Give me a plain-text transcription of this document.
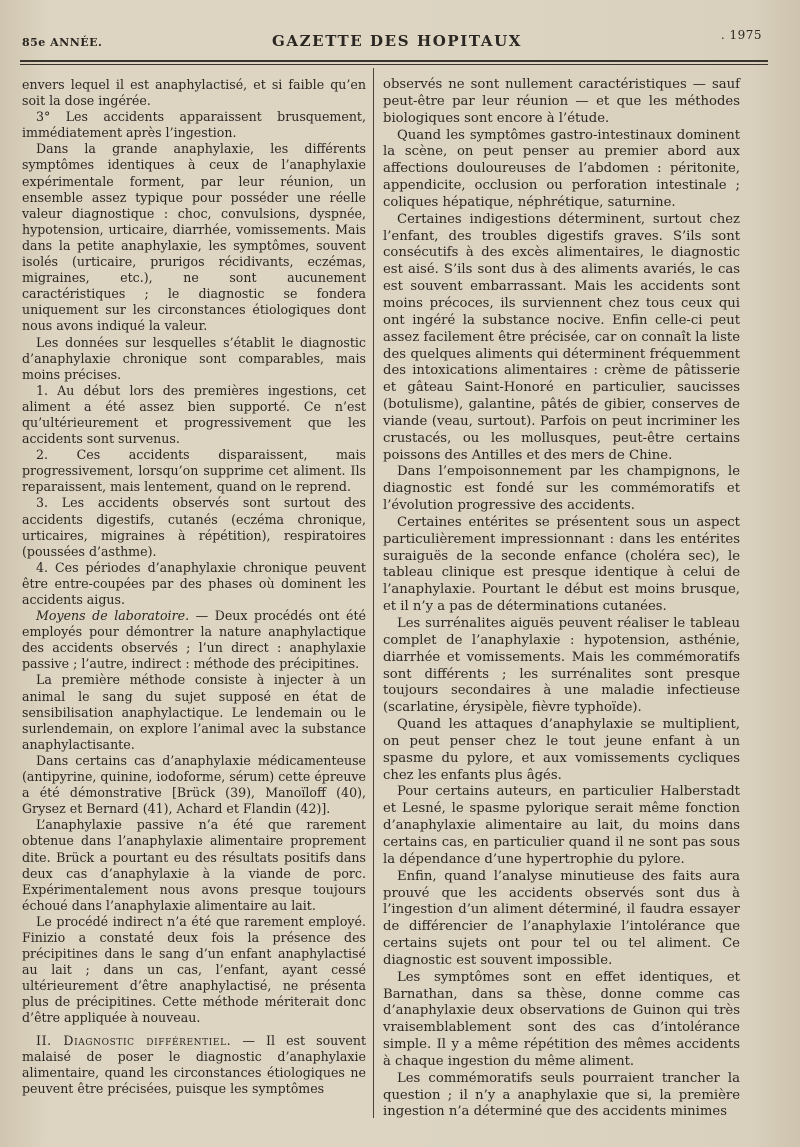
85e ANNÉE.	GAZETTE DES HOPITAUX	. 1975

envers lequel il est anaphylactisé, et si faible qu’en soit la dose ingérée.

3° Les accidents apparaissent brusquement, immédiatement après l’ingestion.

Dans la grande anaphylaxie, les différents symptômes identiques à ceux de l’anaphylaxie expérimentale forment, par leur réunion, un ensemble assez typique pour posséder une réelle valeur diagnostique : choc, convulsions, dyspnée, hypotension, urticaire, diarrhée, vomissements. Mais dans la petite anaphylaxie, les symptômes, souvent isolés (urticaire, prurigos récidivants, eczémas, migraines, etc.), ne sont aucunement caractéristiques ; le diagnostic se fondera uniquement sur les circonstances étiologiques dont nous avons indiqué la valeur.

Les données sur lesquelles s’établit le diagnostic d’anaphylaxie chronique sont comparables, mais moins précises.

1. Au début lors des premières ingestions, cet aliment a été assez bien supporté. Ce n’est qu’ultérieurement et progressivement que les accidents sont survenus.

2. Ces accidents disparaissent, mais progressivement, lorsqu’on supprime cet aliment. Ils reparaissent, mais lentement, quand on le reprend.

3. Les accidents observés sont surtout des accidents digestifs, cutanés (eczéma chronique, urticaires, migraines à répétition), respiratoires (poussées d’asthme).

4. Ces périodes d’anaphylaxie chronique peuvent être entre-coupées par des phases où dominent les accidents aigus.

Moyens de laboratoire. — Deux procédés ont été employés pour démontrer la nature anaphylactique des accidents observés ; l’un direct : anaphylaxie passive ; l’autre, indirect : méthode des précipitines.

La première méthode consiste à injecter à un animal le sang du sujet supposé en état de sensibilisation anaphylactique. Le lendemain ou le surlendemain, on explore l’animal avec la substance anaphylactisante.

Dans certains cas d’anaphylaxie médicamenteuse (antipyrine, quinine, iodoforme, sérum) cette épreuve a été démonstrative [Brück (39), Manoïloff (40), Grysez et Bernard (41), Achard et Flandin (42)].

L’anaphylaxie passive n’a été que rarement obtenue dans l’anaphylaxie alimentaire proprement dite. Brück a pourtant eu des résultats positifs dans deux cas d’anaphylaxie à la viande de porc. Expérimentalement nous avons presque toujours échoué dans l’anaphylaxie alimentaire au lait.

Le procédé indirect n’a été que rarement employé. Finizio a constaté deux fois la présence des précipitines dans le sang d’un enfant anaphylactisé au lait ; dans un cas, l’enfant, ayant cessé ultérieurement d’être anaphylactisé, ne présenta plus de précipitines. Cette méthode mériterait donc d’être appliquée à nouveau.

II. Diagnostic différentiel. — Il est souvent malaisé de poser le diagnostic d’anaphylaxie alimentaire, quand les circonstances étiologiques ne peuvent être précisées, puisque les symptômes

observés ne sont nullement caractéristiques — sauf peut-être par leur réunion — et que les méthodes biologiques sont encore à l’étude.

Quand les symptômes gastro-intestinaux dominent la scène, on peut penser au premier abord aux affections douloureuses de l’abdomen : péritonite, appendicite, occlusion ou perforation intestinale ; coliques hépatique, néphrétique, saturnine.

Certaines indigestions déterminent, surtout chez l’enfant, des troubles digestifs graves. S’ils sont consécutifs à des excès alimentaires, le diagnostic est aisé. S’ils sont dus à des aliments avariés, le cas est souvent embarrassant. Mais les accidents sont moins précoces, ils surviennent chez tous ceux qui ont ingéré la substance nocive. Enfin celle-ci peut assez facilement être précisée, car on connaît la liste des quelques aliments qui déterminent fréquemment des intoxications alimentaires : crème de pâtisserie et gâteau Saint-Honoré en particulier, saucisses (botulisme), galantine, pâtés de gibier, conserves de viande (veau, surtout). Parfois on peut incriminer les crustacés, ou les mollusques, peut-être certains poissons des Antilles et des mers de Chine.

Dans l’empoisonnement par les champignons, le diagnostic est fondé sur les commémoratifs et l’évolution progressive des accidents.

Certaines entérites se présentent sous un aspect particulièrement impressionnant : dans les entérites suraiguës de la seconde enfance (choléra sec), le tableau clinique est presque identique à celui de l’anaphylaxie. Pourtant le début est moins brusque, et il n’y a pas de déterminations cutanées.

Les surrénalites aiguës peuvent réaliser le tableau complet de l’anaphylaxie : hypotension, asthénie, diarrhée et vomissements. Mais les commémoratifs sont différents ; les surrénalites sont presque toujours secondaires à une maladie infectieuse (scarlatine, érysipèle, fièvre typhoïde).

Quand les attaques d’anaphylaxie se multiplient, on peut penser chez le tout jeune enfant à un spasme du pylore, et aux vomissements cycliques chez les enfants plus âgés.

Pour certains auteurs, en particulier Halberstadt et Lesné, le spasme pylorique serait même fonction d’anaphylaxie alimentaire au lait, du moins dans certains cas, en particulier quand il ne sont pas sous la dépendance d’une hypertrophie du pylore.

Enfin, quand l’analyse minutieuse des faits aura prouvé que les accidents observés sont dus à l’ingestion d’un aliment déterminé, il faudra essayer de différencier de l’anaphylaxie l’intolérance que certains sujets ont pour tel ou tel aliment. Ce diagnostic est souvent impossible.

Les symptômes sont en effet identiques, et Barnathan, dans sa thèse, donne comme cas d’anaphylaxie deux observations de Guinon qui très vraisemblablement sont des cas d’intolérance simple. Il y a même répétition des mêmes accidents à chaque ingestion du même aliment.

Les commémoratifs seuls pourraient trancher la question ; il n’y a anaphylaxie que si, la première ingestion n’a déterminé que des accidents minimes
